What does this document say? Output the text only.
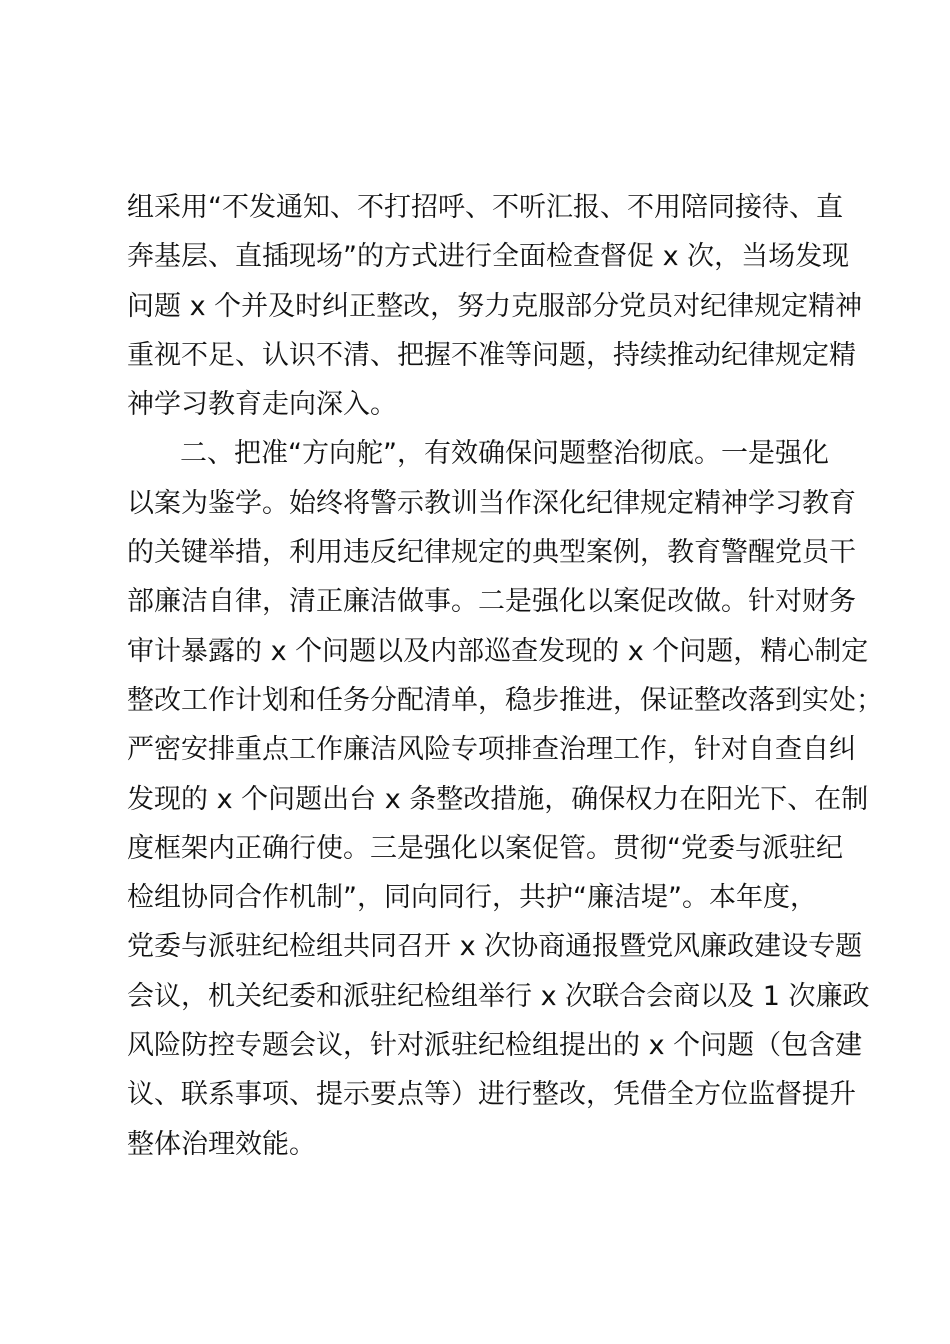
组采用“不发通知、不打招呼、不听汇报、不用陪同接待、直
奔基层、直插现场”的方式进行全面检查督促 x 次，当场发现
问题 x 个并及时纠正整改，努力克服部分党员对纪律规定精神
重视不足、认识不清、把握不准等问题，持续推动纪律规定精
神学习教育走向深入。
二、把准“方向舵”，有效确保问题整治彻底。一是强化
以案为鉴学。始终将警示教训当作深化纪律规定精神学习教育
的关键举措，利用违反纪律规定的典型案例，教育警醒党员干
部廉洁自律，清正廉洁做事。二是强化以案促改做。针对财务
审计暴露的 x 个问题以及内部巡查发现的 x 个问题，精心制定
整改工作计划和任务分配清单，稳步推进，保证整改落到实处；
严密安排重点工作廉洁风险专项排查治理工作，针对自查自纠
发现的 x 个问题出台 x 条整改措施，确保权力在阳光下、在制
度框架内正确行使。三是强化以案促管。贯彻“党委与派驻纪
检组协同合作机制”，同向同行，共护“廉洁堤”。本年度，
党委与派驻纪检组共同召开 x 次协商通报暨党风廉政建设专题
会议，机关纪委和派驻纪检组举行 x 次联合会商以及 1 次廉政
风险防控专题会议，针对派驻纪检组提出的 x 个问题（包含建
议、联系事项、提示要点等）进行整改，凭借全方位监督提升
整体治理效能。
